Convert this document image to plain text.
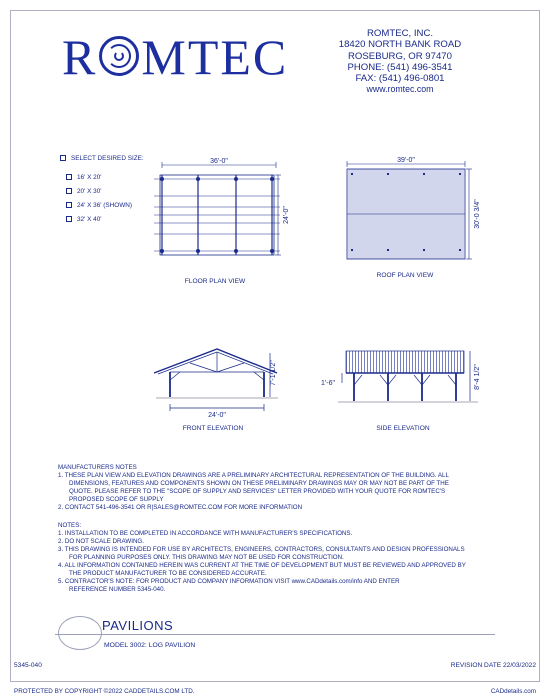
R MTEC	ROMTEC, INC.
18420 NORTH BANK ROAD
ROSEBURG, OR 97470
PHONE: (541) 496-3541
FAX: (541) 496-0801
www.romtec.com
SELECT DESIRED SIZE:
16' X 20'
20' X 30'
24' X 36' (SHOWN)
32' X 40'
36'-0"
24'-0"
FLOOR PLAN VIEW
39'-0"
30'-0 3/4"
ROOF PLAN VIEW
24'-0"
7'-1 1/2"
FRONT ELEVATION
1'-6"	8'-4 1/2"
SIDE ELEVATION

MANUFACTURERS NOTES

1. THESE PLAN VIEW AND ELEVATION DRAWINGS ARE A PRELIMINARY ARCHITECTURAL REPRESENTATION OF THE BUILDING. ALL

DIMENSIONS, FEATURES AND COMPONENTS SHOWN ON THESE PRELIMINARY DRAWINGS MAY OR MAY NOT BE PART OF THE

QUOTE. PLEASE REFER TO THE "SCOPE OF SUPPLY AND SERVICES" LETTER PROVIDED WITH YOUR QUOTE FOR ROMTEC'S

PROPOSED SCOPE OF SUPPLY

2. CONTACT 541-496-3541 OR R|SALES@ROMTEC.COM FOR MORE INFORMATION

NOTES:

1. INSTALLATION TO BE COMPLETED IN ACCORDANCE WITH MANUFACTURER'S SPECIFICATIONS.

2. DO NOT SCALE DRAWING.

3. THIS DRAWING IS INTENDED FOR USE BY ARCHITECTS, ENGINEERS, CONTRACTORS, CONSULTANTS AND DESIGN PROFESSIONALS

FOR PLANNING PURPOSES ONLY. THIS DRAWING MAY NOT BE USED FOR CONSTRUCTION.

4. ALL INFORMATION CONTAINED HEREIN WAS CURRENT AT THE TIME OF DEVELOPMENT BUT MUST BE REVIEWED AND APPROVED BY

THE PRODUCT MANUFACTURER TO BE CONSIDERED ACCURATE.

5. CONTRACTOR'S NOTE: FOR PRODUCT AND COMPANY INFORMATION VISIT www.CADdetails.com/info AND ENTER

REFERENCE NUMBER 5345-040.

PAVILIONS
MODEL 3002: LOG PAVILION
5345-040	REVISION DATE 22/03/2022
PROTECTED BY COPYRIGHT ©2022 CADDETAILS.COM LTD.	CADdetails.com
